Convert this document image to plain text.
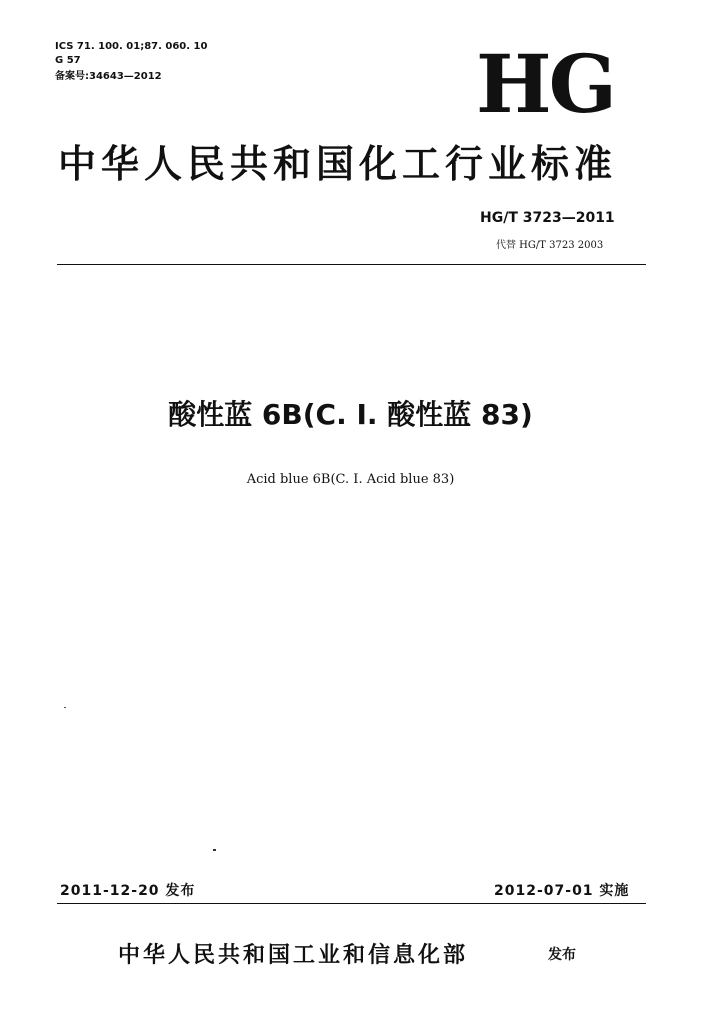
ICS 71. 100. 01;87. 060. 10
G 57
备案号:34643—2012	HG
中华人民共和国化工行业标准
HG/T 3723—2011
代替 HG/T 3723 2003
酸性蓝 6B(C. I. 酸性蓝 83)
Acid blue 6B(C. I. Acid blue 83)
2011-12-20 发布	2012-07-01 实施
中华人民共和国工业和信息化部	发布
